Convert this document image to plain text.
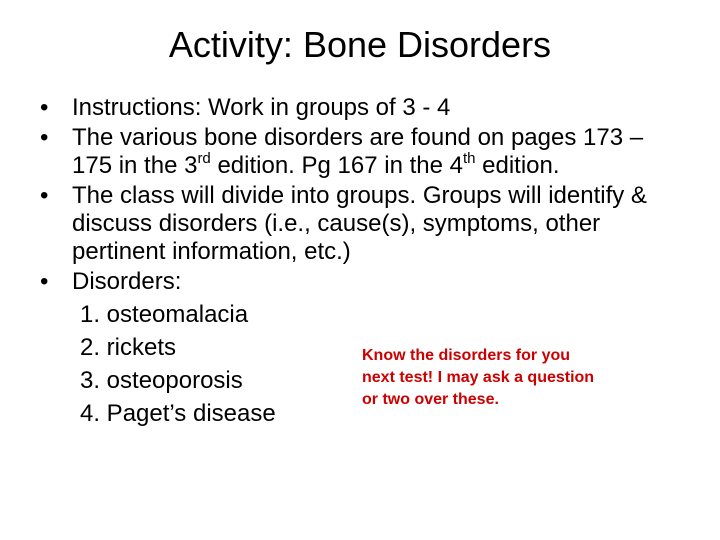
Activity: Bone Disorders
• Instructions: Work in groups of 3 - 4
• The various bone disorders are found on pages 173 – 175 in the 3rd edition. Pg 167 in the 4th edition.
• The class will divide into groups. Groups will identify & discuss disorders (i.e., cause(s), symptoms, other pertinent information, etc.)
• Disorders:
1. osteomalacia
2. rickets
3. osteoporosis
4. Paget’s disease
Know the disorders for you next test! I may ask a question or two over these.
